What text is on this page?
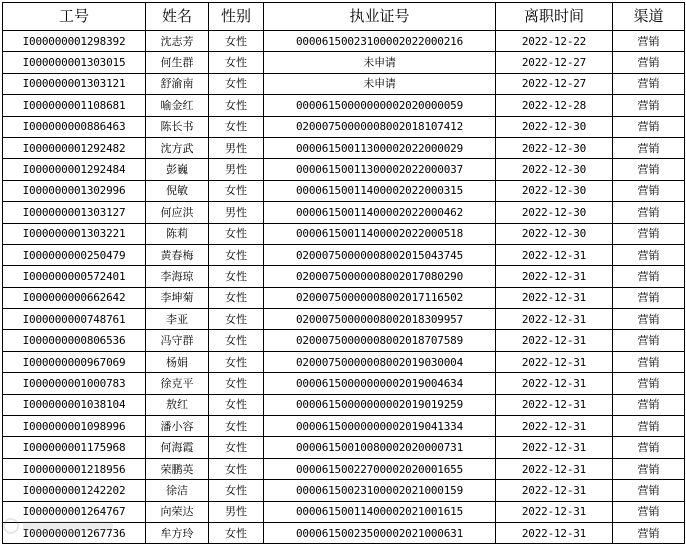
工号	姓名	性别	执业证号	离职时间	渠道
I000000001298392	沈志芳	女性	00006150023100002022000216	2022-12-22	营销
I000000001303015	何生群	女性	未申请	2022-12-27	营销
I000000001303121	舒渝南	女性	未申请	2022-12-27	营销
I000000001108681	喻金红	女性	00006150000000002020000059	2022-12-28	营销
I000000000886463	陈长书	女性	02000750000008002018107412	2022-12-30	营销
I000000001292482	沈方武	男性	00006150011300002022000029	2022-12-30	营销
I000000001292484	彭巍	男性	00006150011300002022000037	2022-12-30	营销
I000000001302996	倪敏	女性	00006150011400002022000315	2022-12-30	营销
I000000001303127	何应洪	男性	00006150011400002022000462	2022-12-30	营销
I000000001303221	陈莉	女性	00006150011400002022000518	2022-12-30	营销
I000000000250479	黄春梅	女性	02000750000008002015043745	2022-12-31	营销
I000000000572401	李海琼	女性	02000750000008002017080290	2022-12-31	营销
I000000000662642	李坤菊	女性	02000750000008002017116502	2022-12-31	营销
I000000000748761	李亚	女性	02000750000008002018309957	2022-12-31	营销
I000000000806536	冯守群	女性	02000750000008002018707589	2022-12-31	营销
I000000000967069	杨娟	女性	02000750000008002019030004	2022-12-31	营销
I000000001000783	徐克平	女性	00006150000000002019004634	2022-12-31	营销
I000000001038104	敖红	女性	00006150000000002019019259	2022-12-31	营销
I000000001098996	潘小容	女性	00006150000000002019041334	2022-12-31	营销
I000000001175968	何海霞	女性	00006150010080002020000731	2022-12-31	营销
I000000001218956	荣鹏英	女性	00006150022700002020001655	2022-12-31	营销
I000000001242202	徐洁	女性	00006150023100002021000159	2022-12-31	营销
I000000001264767	向荣达	男性	00006150011400002021001615	2022-12-31	营销
I000000001267736	牟方玲	女性	00006150023500002021000631	2022-12-31	营销
